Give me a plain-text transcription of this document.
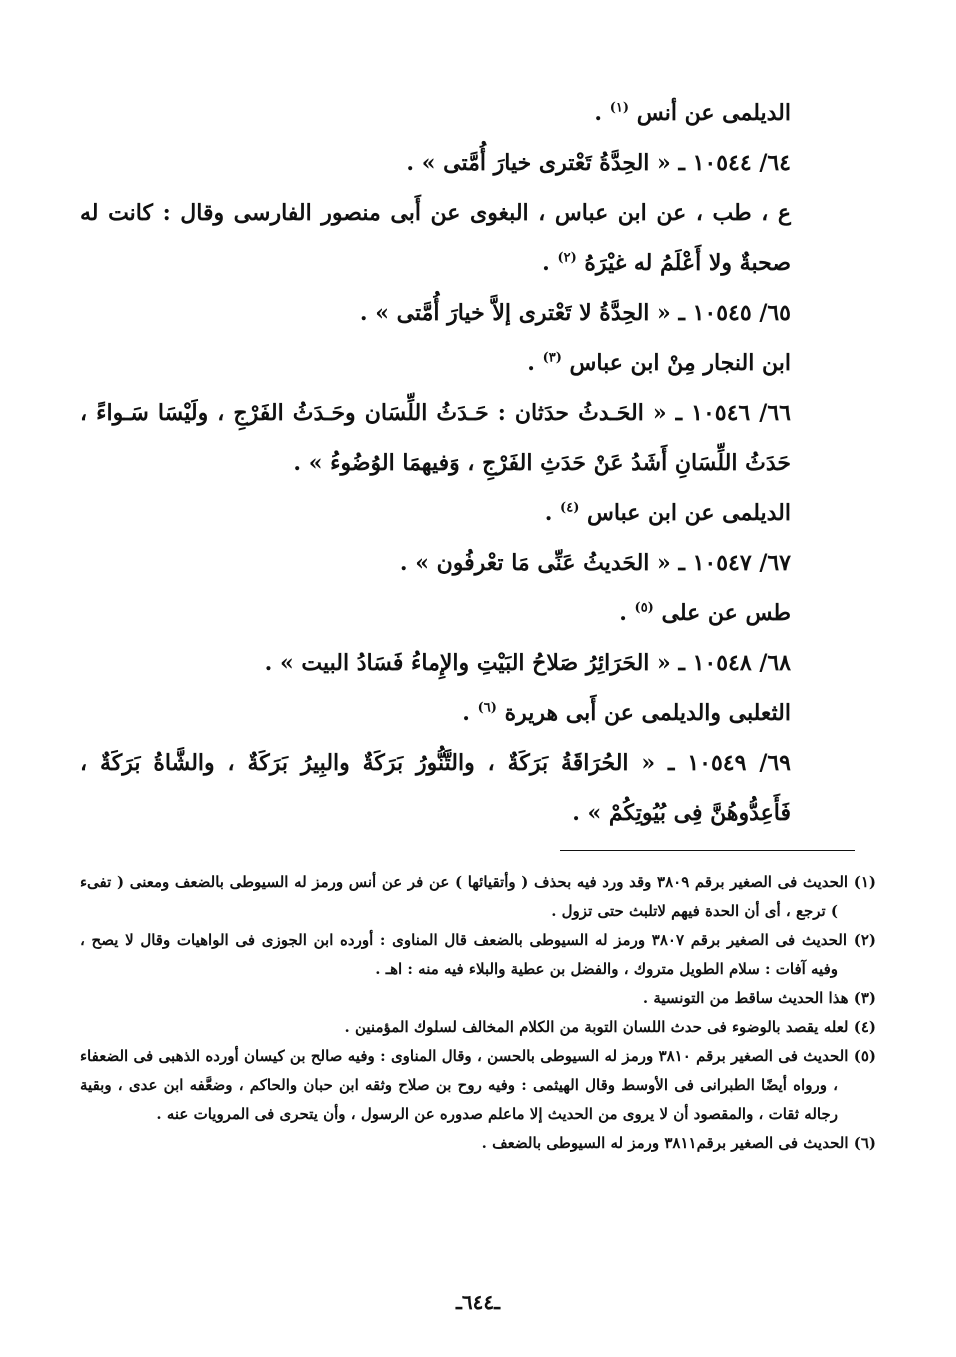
الديلمى عن أنس $^{(١)}$ .
٦٤/ ١٠٥٤٤ ـ « الحِدَّةُ تَعْترى خيارَ أُمَّتى » .
ع ، طب ، عن ابن عباس ، البغوى عن أَبى منصور الفارسى وقال : كانت له صحبةٌ ولا أَعْلَمُ له غيْرَهُ $^{(٢)}$ .
٦٥/ ١٠٥٤٥ ـ « الحِدَّةُ لا تَعْترى إلاَّ خيارَ أُمَّتى » .
ابن النجار مِنْ ابن عباس $^{(٣)}$ .
٦٦/ ١٠٥٤٦ ـ « الحَـدثُ حدَثان : حَـدَثُ اللِّسَان وحَـدَثُ الفَرْجِ ، ولَيْسَا سَـواءً ، حَدَثُ اللِّسَانِ أَشَدُ عَنْ حَدَثِ الفَرْجِ ، وَفيهمَا الوُضُوءُ » .
الديلمى عن ابن عباس $^{(٤)}$ .
٦٧/ ١٠٥٤٧ ـ « الحَديثُ عَنِّى مَا تعْرفُون » .
طس عن على $^{(٥)}$ .
٦٨/ ١٠٥٤٨ ـ « الحَرَائِرُ صَلاحُ البَيْتِ والإِماءُ فَسَادُ البيت » .
الثعلبى والديلمى عن أَبى هريرة $^{(٦)}$ .
٦٩/ ١٠٥٤٩ ـ « الحُرَاقَةُ بَرَكَةٌ ، والتَّنُّورُ بَرَكَةٌ والبِيرُ بَرَكَةٌ ، والشَّاةُ بَرَكَةٌ ، فَأَعِدُّوهُنَّ فِى بُيُوتِكُمْ » .

(١) الحديث فى الصغير برقم ٣٨٠٩ وقد ورد فيه بحذف ( وأتقيائها ) عن فر عن أنس ورمز له السيوطى بالضعف ومعنى ( تفىء ) ترجع ، أى أن الحدة فيهم لاتلبث حتى تزول .

(٢) الحديث فى الصغير برقم ٣٨٠٧ ورمز له السيوطى بالضعف قال المناوى : أورده ابن الجوزى فى الواهيات وقال لا يصح ، وفيه آفات : سلام الطويل متروك ، والفضل بن عطية والبلاء فيه منه : اهـ .

(٣) هذا الحديث ساقط من التونسية .

(٤) لعله يقصد بالوضوء فى حدث اللسان التوبة من الكلام المخالف لسلوك المؤمنين .

(٥) الحديث فى الصغير برقم ٣٨١٠ ورمز له السيوطى بالحسن ، وقال المناوى : وفيه صالح بن كيسان أورده الذهبى فى الضعفاء ، ورواه أيضًا الطبرانى فى الأوسط وقال الهيثمى : وفيه روح بن صلاح وثقه ابن حبان والحاكم ، وضعَّفه ابن عدى ، وبقية رجاله ثقات ، والمقصود أن لا يروى من الحديث إلا ماعلم صدوره عن الرسول ، وأن يتحرى فى المرويات عنه .

(٦) الحديث فى الصغير برقم٣٨١١ ورمز له السيوطى بالضعف .

ـ٦٤٤ـ
